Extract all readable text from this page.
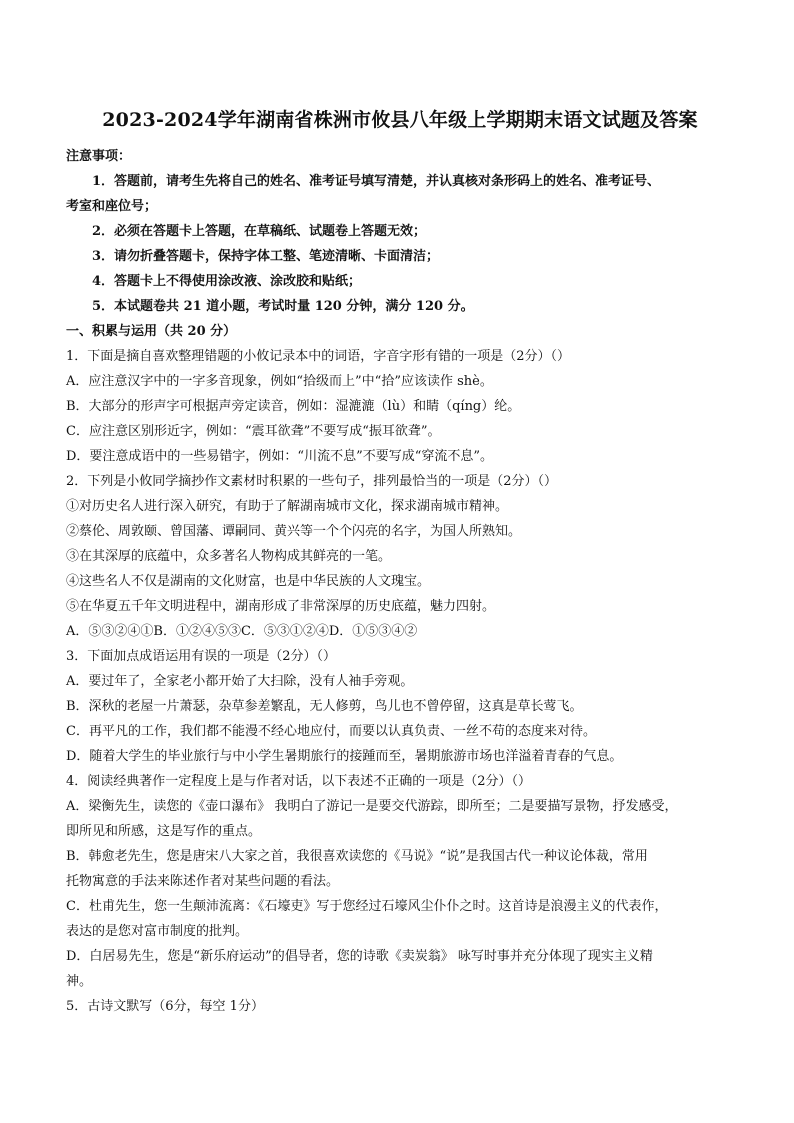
2023-2024学年湖南省株洲市攸县八年级上学期期末语文试题及答案

注意事项：

1．答题前，请考生先将自己的姓名、准考证号填写清楚，并认真核对条形码上的姓名、准考证号、

考室和座位号；

2．必须在答题卡上答题，在草稿纸、试题卷上答题无效；

3．请勿折叠答题卡，保持字体工整、笔迹清晰、卡面清洁；

4．答题卡上不得使用涂改液、涂改胶和贴纸；

5．本试题卷共 21 道小题，考试时量 120 分钟，满分 120 分。

一、积累与运用（共 20 分）

1．下面是摘自喜欢整理错题的小攸记录本中的词语，字音字形有错的一项是（2分）（）

A．应注意汉字中的一字多音现象，例如“拾级而上”中“拾”应该读作 shè。

B．大部分的形声字可根据声旁定读音，例如：湿漉漉（lù）和睛（qíng）纶。

C．应注意区别形近字，例如：“震耳欲聋”不要写成“振耳欲聋”。

D．要注意成语中的一些易错字，例如：“川流不息”不要写成“穿流不息”。

2．下列是小攸同学摘抄作文素材时积累的一些句子，排列最恰当的一项是（2分）（）

①对历史名人进行深入研究，有助于了解湖南城市文化，探求湖南城市精神。

②蔡伦、周敦颐、曾国藩、谭嗣同、黄兴等一个个闪亮的名字，为国人所熟知。

③在其深厚的底蕴中，众多著名人物构成其鲜亮的一笔。

④这些名人不仅是湖南的文化财富，也是中华民族的人文瑰宝。

⑤在华夏五千年文明进程中，湖南形成了非常深厚的历史底蕴，魅力四射。

A．⑤③②④①B．①②④⑤③C．⑤③①②④D．①⑤③④②

3．下面加点成语运用有误的一项是（2分）（）

A．要过年了，全家老小都开始了大扫除，没有人袖手旁观。

B．深秋的老屋一片萧瑟，杂草参差繁乱，无人修剪，鸟儿也不曾停留，这真是草长莺飞。

C．再平凡的工作，我们都不能漫不经心地应付，而要以认真负责、一丝不苟的态度来对待。

D．随着大学生的毕业旅行与中小学生暑期旅行的接踵而至，暑期旅游市场也洋溢着青春的气息。

4．阅读经典著作一定程度上是与作者对话，以下表述不正确的一项是（2分）（）

A．梁衡先生，读您的《壶口瀑布》 我明白了游记一是要交代游踪，即所至；二是要描写景物，抒发感受，

即所见和所感，这是写作的重点。

B．韩愈老先生，您是唐宋八大家之首，我很喜欢读您的《马说》“说”是我国古代一种议论体裁，常用

托物寓意的手法来陈述作者对某些问题的看法。

C．杜甫先生，您一生颠沛流离：《石壕吏》写于您经过石壕风尘仆仆之时。这首诗是浪漫主义的代表作，

表达的是您对富市制度的批判。

D．白居易先生，您是“新乐府运动”的倡导者，您的诗歌《卖炭翁》 咏写时事并充分体现了现实主义精

神。

5．古诗文默写（6分，每空 1分）
